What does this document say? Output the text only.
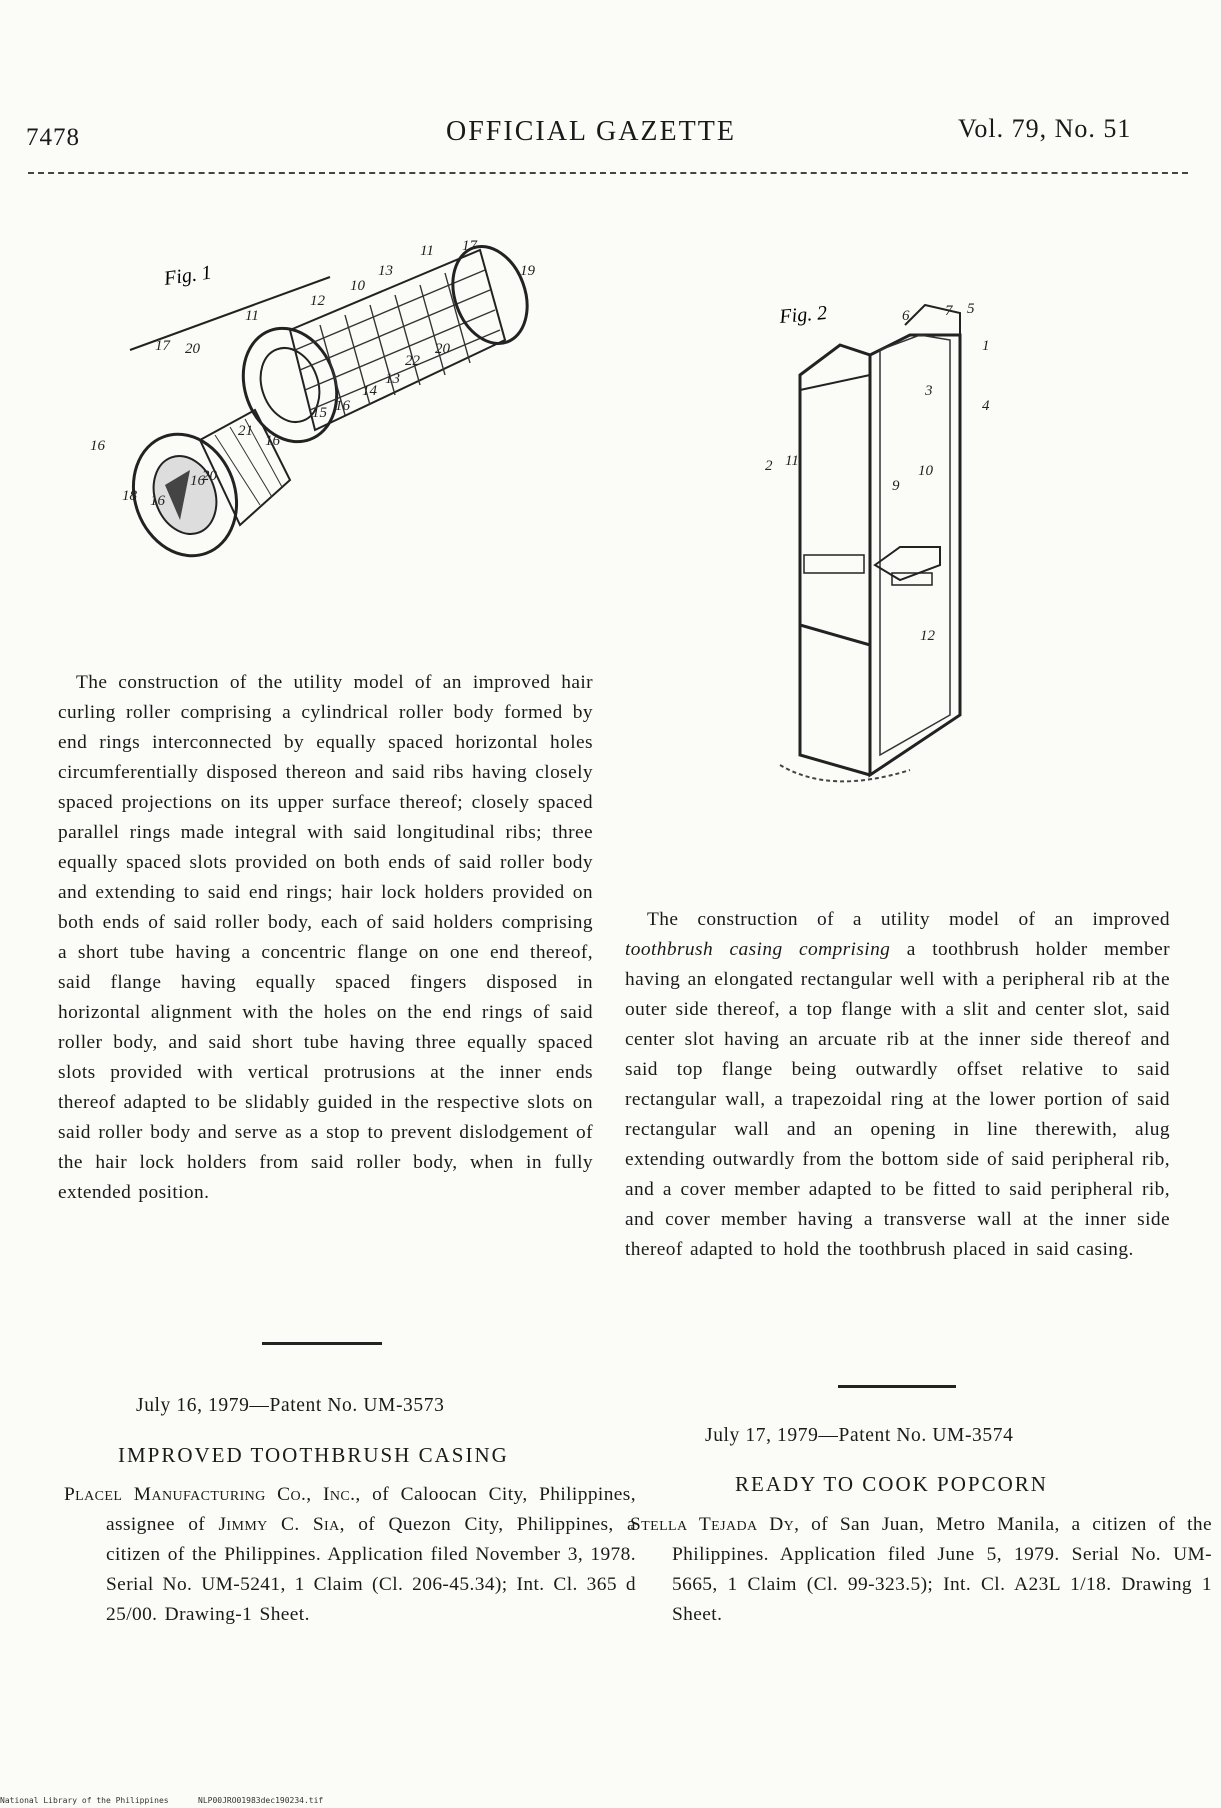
7478	OFFICIAL GAZETTE	Vol. 79, No. 51
Fig. 1
17
11
19
10
13
11
12
17 20	20
22
13
14
16
15
16
21
16
18 16
16
20
Fig. 2	6 7 5
1
3
4
2 11
9
10
12

The construction of the utility model of an improved hair curling roller comprising a cylindrical roller body formed by end rings interconnected by equally spaced horizontal holes circumferentially disposed thereon and said ribs having closely spaced projections on its upper surface thereof; closely spaced parallel rings made integral with said longitudinal ribs; three equally spaced slots provided on both ends of said roller body and extending to said end rings; hair lock holders provided on both ends of said roller body, each of said holders comprising a short tube having a concentric flange on one end thereof, said flange having equally spaced fingers disposed in horizontal alignment with the holes on the end rings of said roller body, and said short tube having three equally spaced slots provided with vertical protrusions at the inner ends thereof adapted to be slidably guided in the respective slots on said roller body and serve as a stop to prevent dislodgement of the hair lock holders from said roller body, when in fully extended position.

July 16, 1979—Patent No. UM-3573
IMPROVED TOOTHBRUSH CASING

Placel Manufacturing Co., Inc., of Caloocan City, Philippines, assignee of Jimmy C. Sia, of Quezon City, Philippines, a citizen of the Philippines. Application filed November 3, 1978. Serial No. UM-5241, 1 Claim (Cl. 206-45.34); Int. Cl. 365 d 25/00. Drawing-1 Sheet.

The construction of a utility model of an improved toothbrush casing comprising a toothbrush holder member having an elongated rectangular well with a peripheral rib at the outer side thereof, a top flange with a slit and center slot, said center slot having an arcuate rib at the inner side thereof and said top flange being outwardly offset relative to said rectangular wall, a trapezoidal ring at the lower portion of said rectangular wall and an opening in line therewith, alug extending outwardly from the bottom side of said peripheral rib, and a cover member adapted to be fitted to said peripheral rib, and cover member having a transverse wall at the inner side thereof adapted to hold the toothbrush placed in said casing.

July 17, 1979—Patent No. UM-3574
READY TO COOK POPCORN

Stella Tejada Dy, of San Juan, Metro Manila, a citizen of the Philippines. Application filed June 5, 1979. Serial No. UM-5665, 1 Claim (Cl. 99-323.5); Int. Cl. A23L 1/18. Drawing 1 Sheet.

National Library of the Philippines	NLP00JRO01983dec190234.tif
